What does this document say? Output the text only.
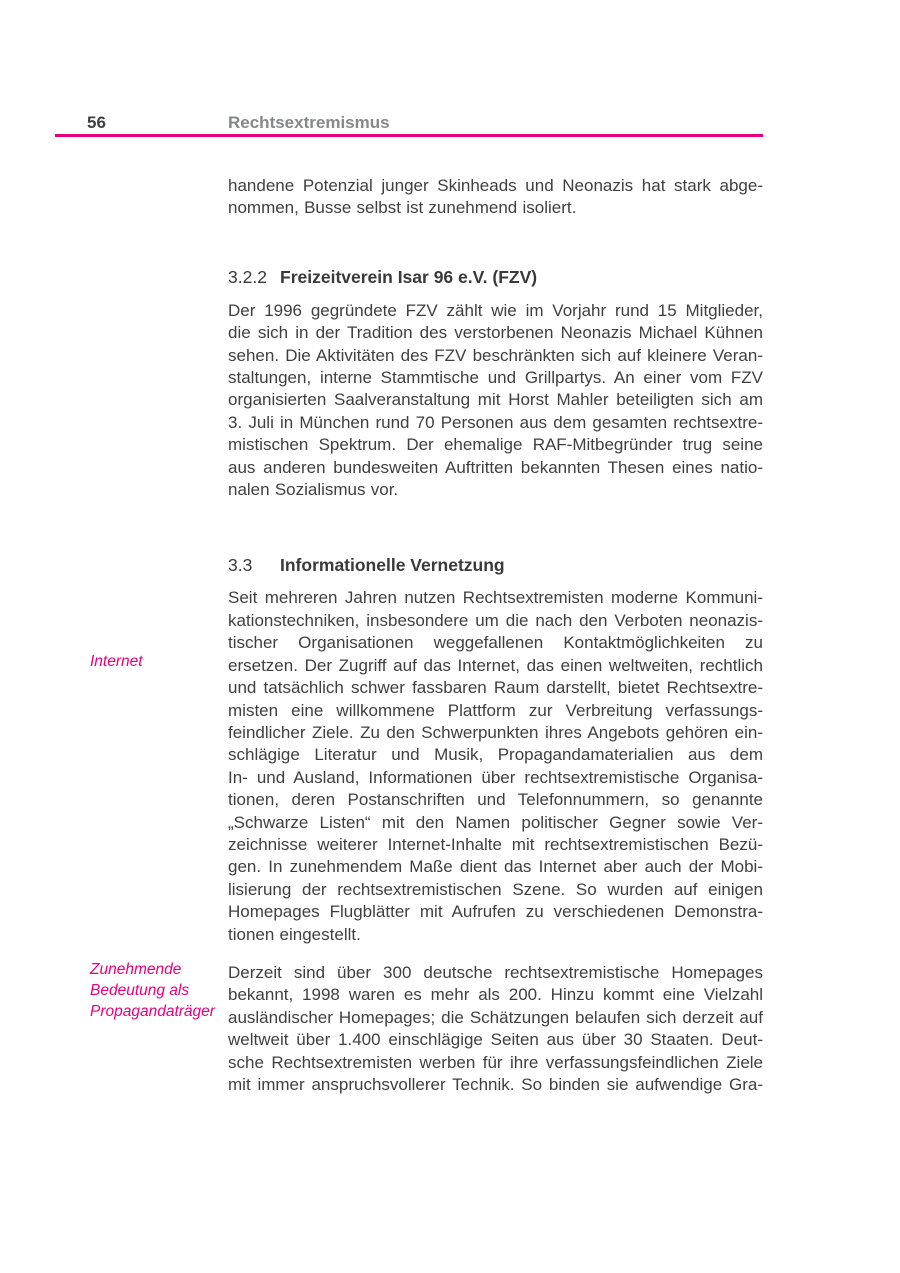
56	Rechtsextremismus
handene Potenzial junger Skinheads und Neonazis hat stark abge-
nommen, Busse selbst ist zunehmend isoliert.
3.2.2 Freizeitverein Isar 96 e.V. (FZV)
Der 1996 gegründete FZV zählt wie im Vorjahr rund 15 Mitglieder,
die sich in der Tradition des verstorbenen Neonazis Michael Kühnen
sehen. Die Aktivitäten des FZV beschränkten sich auf kleinere Veran-
staltungen, interne Stammtische und Grillpartys. An einer vom FZV
organisierten Saalveranstaltung mit Horst Mahler beteiligten sich am
3. Juli in München rund 70 Personen aus dem gesamten rechtsextre-
mistischen Spektrum. Der ehemalige RAF-Mitbegründer trug seine
aus anderen bundesweiten Auftritten bekannten Thesen eines natio-
nalen Sozialismus vor.
3.3 Informationelle Vernetzung
Seit mehreren Jahren nutzen Rechtsextremisten moderne Kommuni-
kationstechniken, insbesondere um die nach den Verboten neonazis-
tischer Organisationen weggefallenen Kontaktmöglichkeiten zu
ersetzen. Der Zugriff auf das Internet, das einen weltweiten, rechtlich
und tatsächlich schwer fassbaren Raum darstellt, bietet Rechtsextre-
misten eine willkommene Plattform zur Verbreitung verfassungs-
feindlicher Ziele. Zu den Schwerpunkten ihres Angebots gehören ein-
schlägige Literatur und Musik, Propagandamaterialien aus dem
In- und Ausland, Informationen über rechtsextremistische Organisa-
tionen, deren Postanschriften und Telefonnummern, so genannte
„Schwarze Listen“ mit den Namen politischer Gegner sowie Ver-
zeichnisse weiterer Internet-Inhalte mit rechtsextremistischen Bezü-
gen. In zunehmendem Maße dient das Internet aber auch der Mobi-
lisierung der rechtsextremistischen Szene. So wurden auf einigen
Homepages Flugblätter mit Aufrufen zu verschiedenen Demonstra-
tionen eingestellt.
Derzeit sind über 300 deutsche rechtsextremistische Homepages
bekannt, 1998 waren es mehr als 200. Hinzu kommt eine Vielzahl
ausländischer Homepages; die Schätzungen belaufen sich derzeit auf
weltweit über 1.400 einschlägige Seiten aus über 30 Staaten. Deut-
sche Rechtsextremisten werben für ihre verfassungsfeindlichen Ziele
mit immer anspruchsvollerer Technik. So binden sie aufwendige Gra-
Internet
Zunehmende
Bedeutung als
Propagandaträger
